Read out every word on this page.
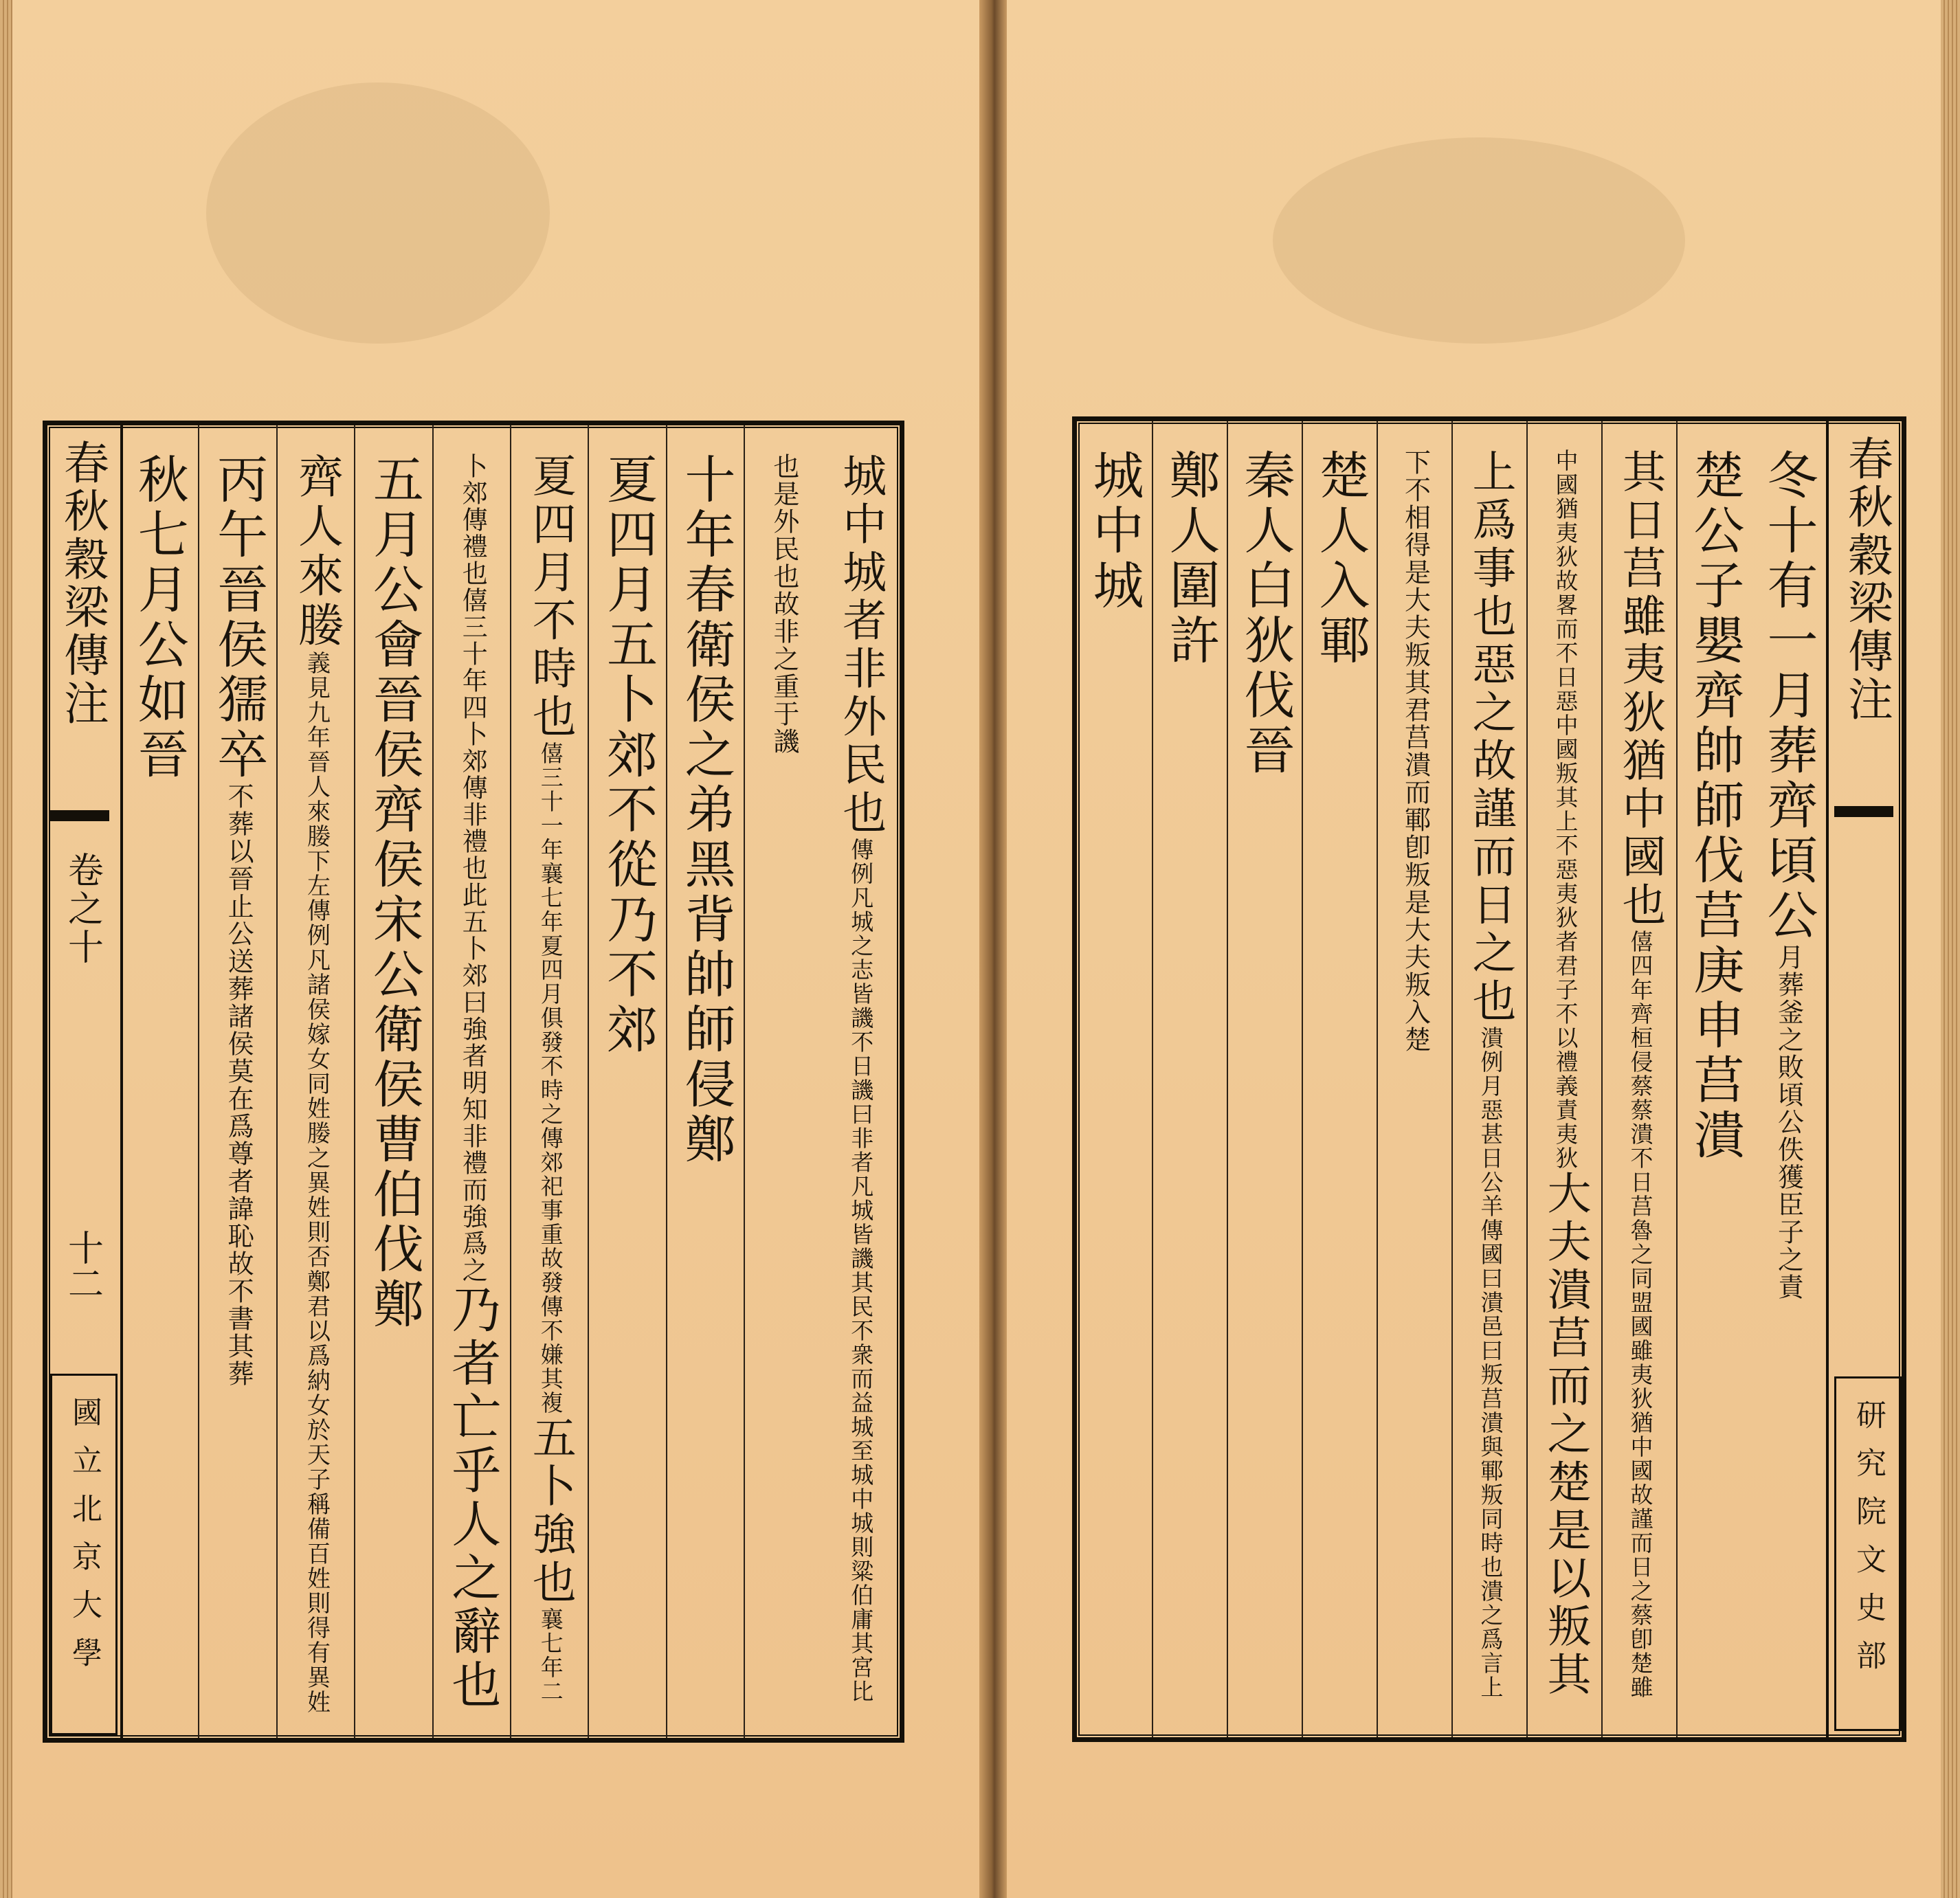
春秋穀梁傳注
卷之十
十二
國立北京大學
城中城者非外民也傳例凡城之志皆譏不日譏曰非者凡城皆譏其民不衆而益城至城中城則粱伯庸其宮比
也是外民也故非之重于譏
十年春衛侯之弟黑背帥師侵鄭
夏四月五卜郊不從乃不郊
夏四月不時也僖三十一年襄七年夏四月俱發不時之傳郊祀事重故發傳不嫌其複五卜強也襄七年二
卜郊傳禮也僖三十年四卜郊傳非禮也此五卜郊曰強者明知非禮而強爲之乃者亡乎人之辭也
五月公會晉侯齊侯宋公衛侯曹伯伐鄭
齊人來媵義見九年晉人來媵下左傳例凡諸侯嫁女同姓媵之異姓則否鄭君以爲納女於天子稱備百姓則得有異姓
丙午晉侯獳卒不葬以晉止公送葬諸侯莫在爲尊者諱恥故不書其葬
秋七月公如晉	冬十有一月葬齊頃公月葬釜之敗頃公佚獲臣子之責
楚公子嬰齊帥師伐莒庚申莒潰
其日莒雖夷狄猶中國也僖四年齊桓侵蔡蔡潰不日莒魯之同盟國雖夷狄猶中國故謹而日之蔡卽楚雖
中國猶夷狄故畧而不日惡中國叛其上不惡夷狄者君子不以禮義責夷狄大夫潰莒而之楚是以叛其
上爲事也惡之故謹而日之也潰例月惡甚日公羊傳國曰潰邑曰叛莒潰與鄆叛同時也潰之爲言上
下不相得是大夫叛其君莒潰而鄆卽叛是大夫叛入楚
楚人入鄆
秦人白狄伐晉
鄭人圍許
城中城	春秋穀梁傳注
研究院文史部
